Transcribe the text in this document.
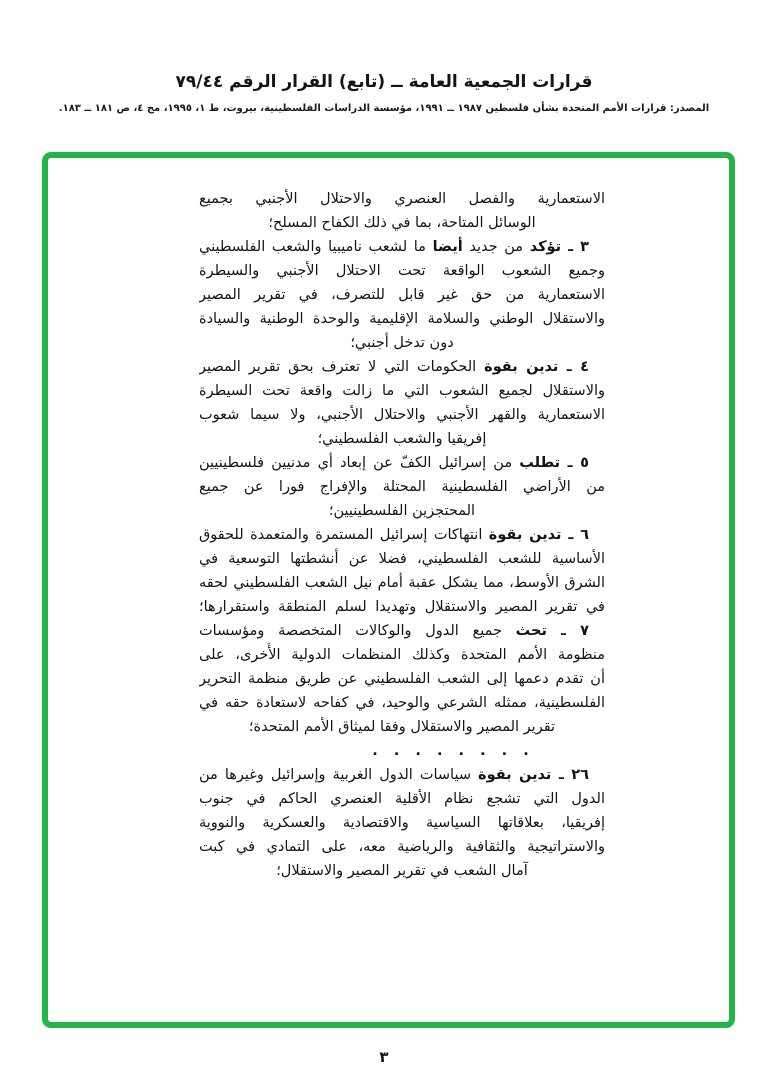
قرارات الجمعية العامة ــ (تابع) القرار الرقم ٧٩/٤٤
المصدر: قرارات الأمم المتحدة بشأن فلسطين ١٩٨٧ ــ ١٩٩١، مؤسسة الدراسات الفلسطينية، بيروت، ط ١، ١٩٩٥، مج ٤، ص ١٨١ ــ ١٨٣.
الاستعمارية والفصل العنصري والاحتلال الأجنبي بجميع
الوسائل المتاحة، بما في ذلك الكفاح المسلح؛
٣ ـ تؤكد من جديد أيضا ما لشعب ناميبيا والشعب الفلسطيني
وجميع الشعوب الواقعة تحت الاحتلال الأجنبي والسيطرة
الاستعمارية من حق غير قابل للتصرف، في تقرير المصير
والاستقلال الوطني والسلامة الإقليمية والوحدة الوطنية والسيادة
دون تدخل أجنبي؛
٤ ـ تدين بقوة الحكومات التي لا تعترف بحق تقرير المصير
والاستقلال لجميع الشعوب التي ما زالت واقعة تحت السيطرة
الاستعمارية والقهر الأجنبي والاحتلال الأجنبي، ولا سيما شعوب
إفريقيا والشعب الفلسطيني؛
٥ ـ تطلب من إسرائيل الكفّ عن إبعاد أي مدنيين فلسطينيين
من الأراضي الفلسطينية المحتلة والإفراج فورا عن جميع
المحتجزين الفلسطينيين؛
٦ ـ تدين بقوة انتهاكات إسرائيل المستمرة والمتعمدة للحقوق
الأساسية للشعب الفلسطيني، فضلا عن أنشطتها التوسعية في
الشرق الأوسط، مما يشكل عقبة أمام نيل الشعب الفلسطيني لحقه
في تقرير المصير والاستقلال وتهديدا لسلم المنطقة واستقرارها؛
٧ ـ تحث جميع الدول والوكالات المتخصصة ومؤسسات
منظومة الأمم المتحدة وكذلك المنظمات الدولية الأُخرى، على
أن تقدم دعمها إلى الشعب الفلسطيني عن طريق منظمة التحرير
الفلسطينية، ممثله الشرعي والوحيد، في كفاحه لاستعادة حقه في
تقرير المصير والاستقلال وفقا لميثاق الأمم المتحدة؛
. . . . . . . .
٢٦ ـ تدين بقوة سياسات الدول الغربية وإسرائيل وغيرها من
الدول التي تشجع نظام الأقلية العنصري الحاكم في جنوب
إفريقيا، بعلاقاتها السياسية والاقتصادية والعسكرية والنووية
والاستراتيجية والثقافية والرياضية معه، على التمادي في كبت
آمال الشعب في تقرير المصير والاستقلال؛
٣
